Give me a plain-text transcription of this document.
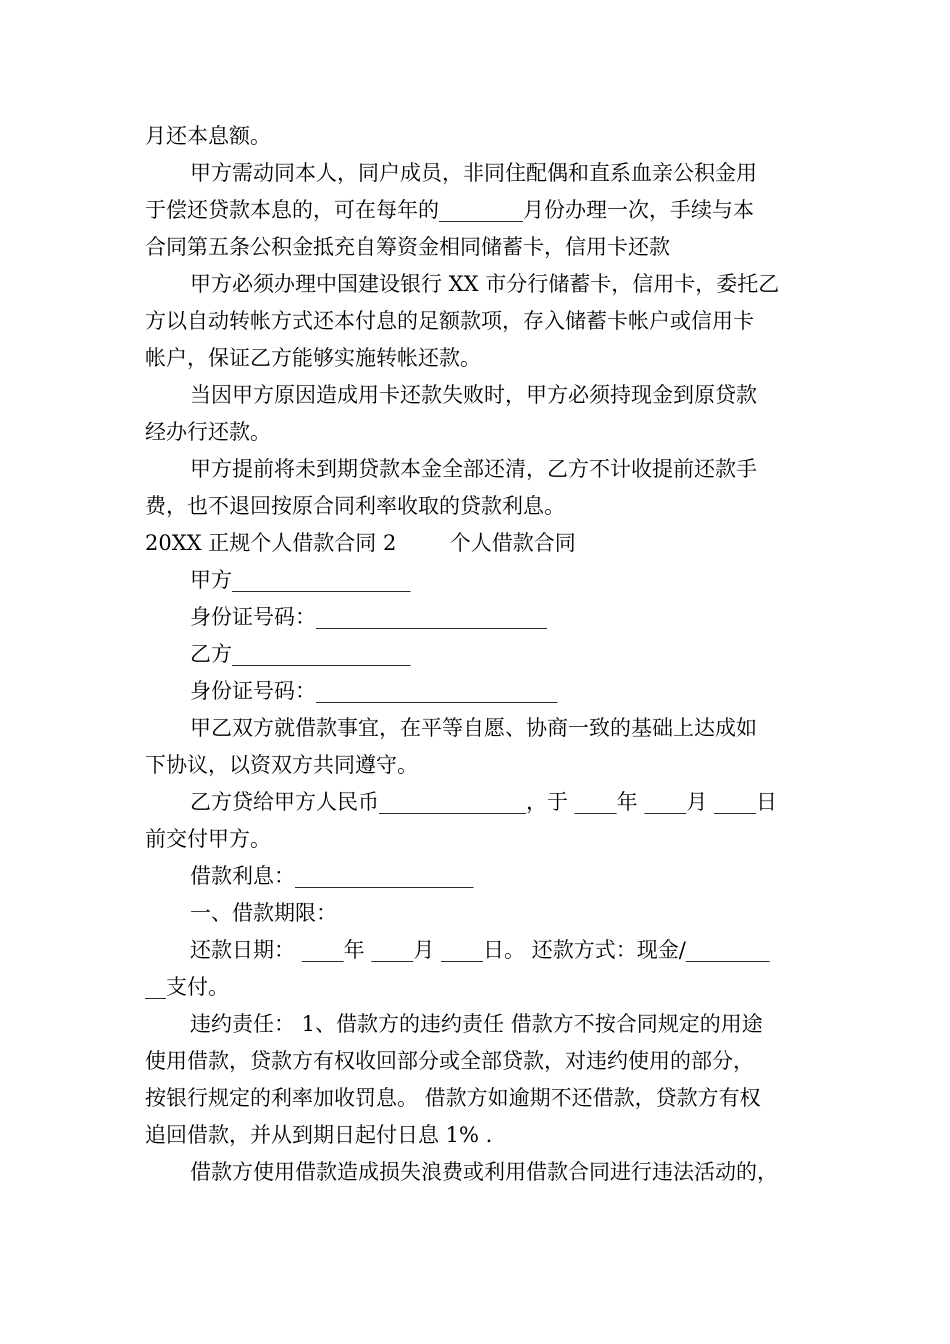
月还本息额。
甲方需动同本人，同户成员，非同住配偶和直系血亲公积金用
于偿还贷款本息的，可在每年的________月份办理一次，手续与本
合同第五条公积金抵充自筹资金相同储蓄卡，信用卡还款
甲方必须办理中国建设银行 XX 市分行储蓄卡，信用卡，委托乙
方以自动转帐方式还本付息的足额款项，存入储蓄卡帐户或信用卡
帐户，保证乙方能够实施转帐还款。
当因甲方原因造成用卡还款失败时，甲方必须持现金到原贷款
经办行还款。
甲方提前将未到期贷款本金全部还清，乙方不计收提前还款手
费，也不退回按原合同利率收取的贷款利息。
20XX 正规个人借款合同 2        个人借款合同
甲方_________________
身份证号码：______________________
乙方_________________
身份证号码：_______________________
甲乙双方就借款事宜，在平等自愿、协商一致的基础上达成如
下协议，以资双方共同遵守。
乙方贷给甲方人民币______________，于 ____年 ____月 ____日
前交付甲方。
借款利息：_________________
一、借款期限：
还款日期： ____年 ____月 ____日。 还款方式：现金/________
__支付。
违约责任： 1、借款方的违约责任 借款方不按合同规定的用途
使用借款，贷款方有权收回部分或全部贷款，对违约使用的部分，
按银行规定的利率加收罚息。 借款方如逾期不还借款，贷款方有权
追回借款，并从到期日起付日息 1% .
借款方使用借款造成损失浪费或利用借款合同进行违法活动的，
